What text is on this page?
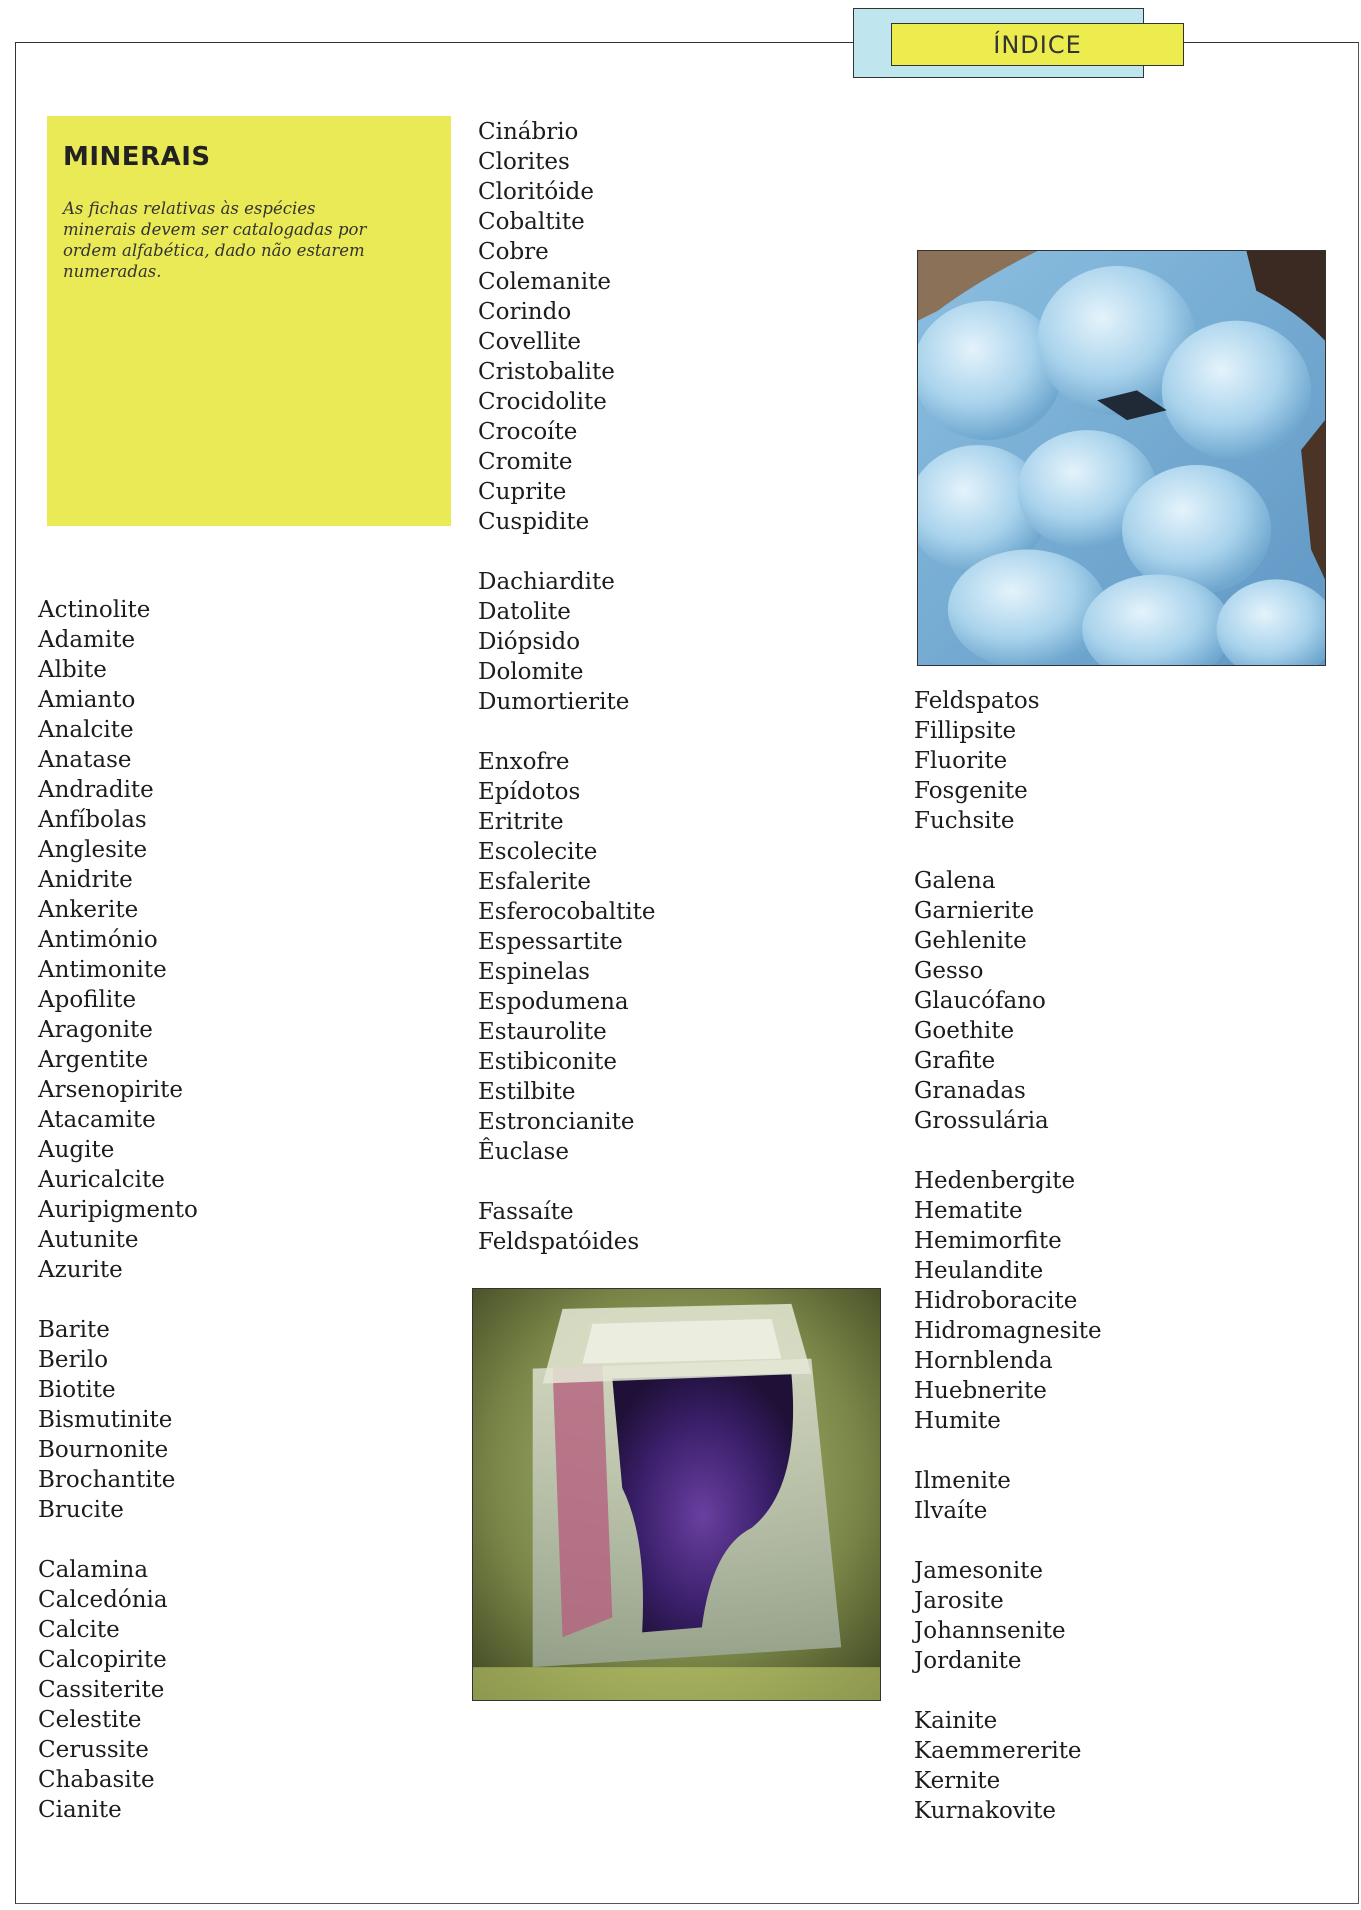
ÍNDICE
MINERAIS

As fichas relativas às espécies minerais devem ser catalogadas por ordem alfabética, dado não estarem numeradas.

Actinolite
Adamite
Albite
Amianto
Analcite
Anatase
Andradite
Anfíbolas
Anglesite
Anidrite
Ankerite
Antimónio
Antimonite
Apofilite
Aragonite
Argentite
Arsenopirite
Atacamite
Augite
Auricalcite
Auripigmento
Autunite
Azurite
Barite
Berilo
Biotite
Bismutinite
Bournonite
Brochantite
Brucite
Calamina
Calcedónia
Calcite
Calcopirite
Cassiterite
Celestite
Cerussite
Chabasite
Cianite
Cinábrio
Clorites
Cloritóide
Cobaltite
Cobre
Colemanite
Corindo
Covellite
Cristobalite
Crocidolite
Crocoíte
Cromite
Cuprite
Cuspidite
Dachiardite
Datolite
Diópsido
Dolomite
Dumortierite
Enxofre
Epídotos
Eritrite
Escolecite
Esfalerite
Esferocobaltite
Espessartite
Espinelas
Espodumena
Estaurolite
Estibiconite
Estilbite
Estroncianite
Êuclase
Fassaíte
Feldspatóides
Feldspatos
Fillipsite
Fluorite
Fosgenite
Fuchsite
Galena
Garnierite
Gehlenite
Gesso
Glaucófano
Goethite
Grafite
Granadas
Grossulária
Hedenbergite
Hematite
Hemimorfite
Heulandite
Hidroboracite
Hidromagnesite
Hornblenda
Huebnerite
Humite
Ilmenite
Ilvaíte
Jamesonite
Jarosite
Johannsenite
Jordanite
Kainite
Kaemmererite
Kernite
Kurnakovite
